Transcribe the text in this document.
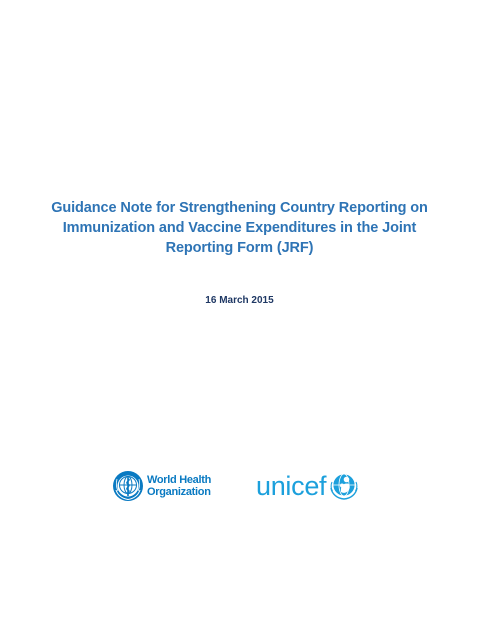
Guidance Note for Strengthening Country Reporting on
Immunization and Vaccine Expenditures in the Joint
Reporting Form (JRF)
16 March 2015
World Health
Organization unicef
